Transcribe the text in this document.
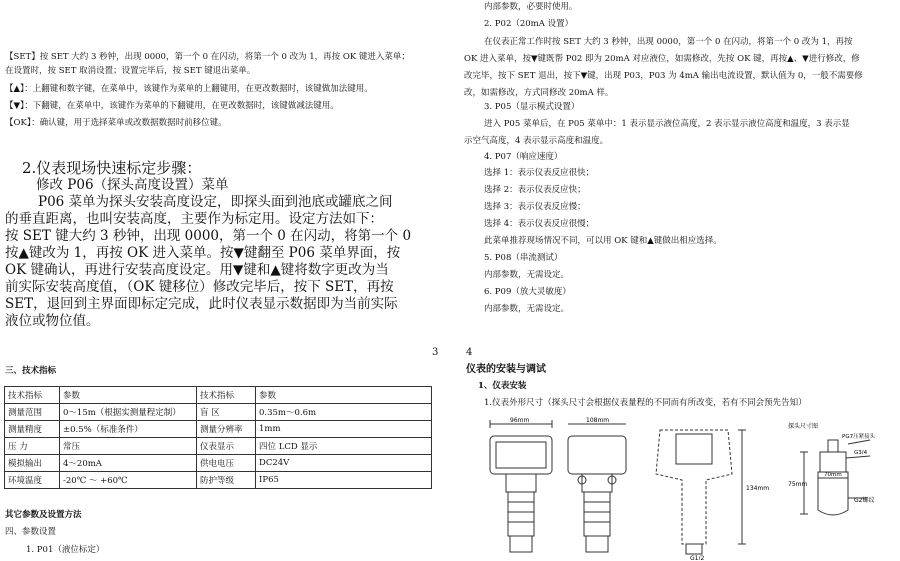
【SET】按 SET 大约 3 秒钟，出现 0000，第一个 0 在闪动，将第一个 0 改为 1，再按 OK 键进入菜单；
在设置时，按 SET 取消设置；设置完毕后，按 SET 键退出菜单。
【▲】：上翻键和数字键，在菜单中，该键作为菜单的上翻键用，在更改数据时，该键做加法键用。
【▼】：下翻键，在菜单中，该键作为菜单的下翻键用，在更改数据时，该键做减法键用。
【OK】：确认键，用于选择菜单或改数据数据时前移位键。
2.仪表现场快速标定步骤：
修改 P06（探头高度设置）菜单
P06 菜单为探头安装高度设定，即探头面到池底或罐底之间
的垂直距离，也叫安装高度，主要作为标定用。设定方法如下：
按 SET 键大约 3 秒钟，出现 0000，第一个 0 在闪动，将第一个 0
按▲键改为 1，再按 OK 进入菜单。按▼键翻至 P06 菜单界面，按
OK 键确认，再进行安装高度设定。用▼键和▲键将数字更改为当
前实际安装高度值，（OK 键移位）修改完毕后，按下 SET，再按
SET，退回到主界面即标定完成，此时仪表显示数据即为当前实际
液位或物位值。
3
三、技术指标
技术指标	参数	技术指标	参数
测量范围	0～15m（根据实测量程定制）	盲 区	0.35m～0.6m
测量精度	±0.5%（标准条件）	测量分辨率	1mm
压 力	常压	仪表显示	四位 LCD 显示
模拟输出	4～20mA	供电电压	DC24V
环境温度	-20℃ ～ +60℃	防护等级	IP65
其它参数及设置方法
四、参数设置
1. P01（液位标定）
内部参数，必要时使用。
2. P02（20mA 设置）
在仪表正常工作时按 SET 大约 3 秒钟，出现 0000，第一个 0 在闪动，将第一个 0 改为 1，再按
OK 进入菜单，按▼键既帮 P02 即为 20mA 对应液位，如需修改，先按 OK 键，再按▲、▼进行修改，修
改完毕，按下 SET 退出，按下▼键，出现 P03，P03 为 4mA 输出电流设置，默认值为 0，一般不需要修
改，如需修改，方式同修改 20mA 样。
3. P05（显示模式设置）
进入 P05 菜单后，在 P05 菜单中：1 表示显示液位高度，2 表示显示液位高度和温度，3 表示显
示空气高度，4 表示显示高度和温度。
4. P07（响应速度）
选择 1：表示仪表反应很快；
选择 2：表示仪表反应快；
选择 3：表示仪表反应慢；
选择 4：表示仪表反应很慢；
此菜单推荐现场情况不同，可以用 OK 键和▲键做出相应选择。
5. P08（串流测试）
内部参数，无需设定。
6. P09（放大灵敏度）
内部参数，无需设定。
4
仪表的安装与调试
1、仪表安装
1.仪表外形尺寸（探头尺寸会根据仪表量程的不同而有所改变，若有不同会预先告知）
96mm	108mm
134mm
75mm
G1/2
G2螺纹
探头尺寸图
PG7压紧接头
G3/4
70mm
